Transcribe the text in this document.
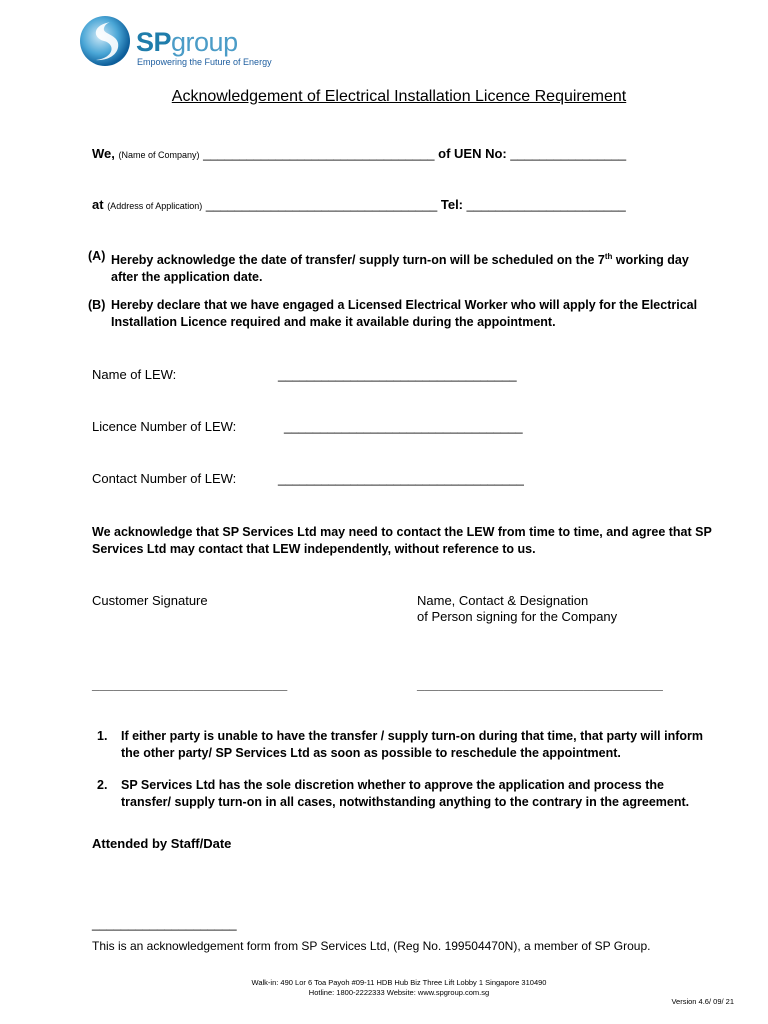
SPgroup
Empowering the Future of Energy
Acknowledgement of Electrical Installation Licence Requirement
We, (Name of Company) ________________________________ of UEN No: ________________
at (Address of Application) ________________________________ Tel: ______________________
(A) Hereby acknowledge the date of transfer/ supply turn-on will be scheduled on the 7th working day after the application date.
(B) Hereby declare that we have engaged a Licensed Electrical Worker who will apply for the Electrical Installation Licence required and make it available during the appointment.
Name of LEW:	_________________________________
Licence Number of LEW:	_________________________________
Contact Number of LEW:	__________________________________
We acknowledge that SP Services Ltd may need to contact the LEW from time to time, and agree that SP Services Ltd may contact that LEW independently, without reference to us.
Customer Signature	Name, Contact & Designation
of Person signing for the Company
___________________________	__________________________________
1. If either party is unable to have the transfer / supply turn-on during that time, that party will inform the other party/ SP Services Ltd as soon as possible to reschedule the appointment.
2. SP Services Ltd has the sole discretion whether to approve the application and process the transfer/ supply turn-on in all cases, notwithstanding anything to the contrary in the agreement.
Attended by Staff/Date
____________________
This is an acknowledgement form from SP Services Ltd, (Reg No. 199504470N), a member of SP Group.
Walk-in: 490 Lor 6 Toa Payoh #09-11 HDB Hub Biz Three Lift Lobby 1 Singapore 310490
Hotline: 1800-2222333 Website: www.spgroup.com.sg
Version 4.6/ 09/ 21
